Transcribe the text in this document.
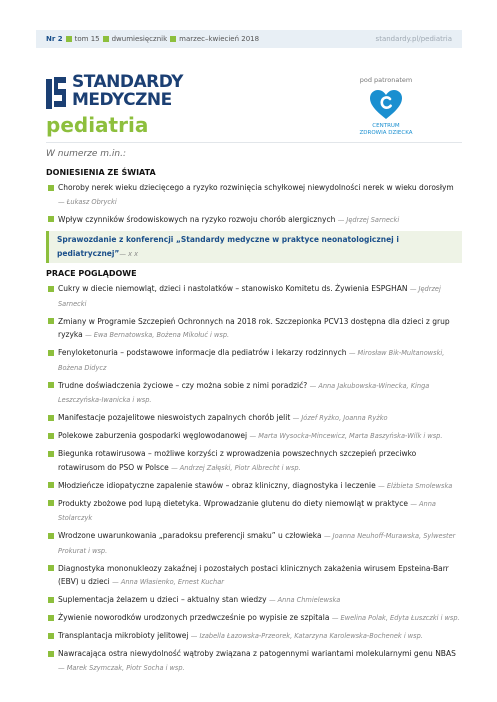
Nr 2 tom 15 dwumiesięcznik marzec–kwiecień 2018	standardy.pl/pediatria
STANDARDY
MEDYCZNE
pediatria
pod patronatem
CENTRUM
ZDROWIA DZIECKA
W numerze m.in.:
DONIESIENIA ZE ŚWIATA
Choroby nerek wieku dziecięcego a ryzyko rozwinięcia schyłkowej niewydolności nerek w wieku dorosłym — Łukasz Obrycki
Wpływ czynników środowiskowych na ryzyko rozwoju chorób alergicznych — Jędrzej Sarnecki
Sprawozdanie z konferencji „Standardy medyczne w praktyce neonatologicznej i pediatrycznej”— x x
PRACE POGLĄDOWE
Cukry w diecie niemowląt, dzieci i nastolatków – stanowisko Komitetu ds. Żywienia ESPGHAN — Jędrzej Sarnecki
Zmiany w Programie Szczepień Ochronnych na 2018 rok. Szczepionka PCV13 dostępna dla dzieci z grup ryzyka — Ewa Bernatowska, Bożena Mikołuć i wsp.
Fenyloketonuria – podstawowe informacje dla pediatrów i lekarzy rodzinnych — Mirosław Bik-Multanowski, Bożena Didycz
Trudne doświadczenia życiowe – czy można sobie z nimi poradzić? — Anna Jakubowska-Winecka, Kinga Leszczyńska-Iwanicka i wsp.
Manifestacje pozajelitowe nieswoistych zapalnych chorób jelit — Józef Ryżko, Joanna Ryżko
Polekowe zaburzenia gospodarki węglowodanowej — Marta Wysocka-Mincewicz, Marta Baszyńska-Wilk i wsp.
Biegunka rotawirusowa – możliwe korzyści z wprowadzenia powszechnych szczepień przeciwko rotawirusom do PSO w Polsce — Andrzej Załęski, Piotr Albrecht i wsp.
Młodzieńcze idiopatyczne zapalenie stawów – obraz kliniczny, diagnostyka i leczenie — Elżbieta Smolewska
Produkty zbożowe pod lupą dietetyka. Wprowadzanie glutenu do diety niemowląt w praktyce — Anna Stolarczyk
Wrodzone uwarunkowania „paradoksu preferencji smaku” u człowieka — Joanna Neuhoff-Murawska, Sylwester Prokurat i wsp.
Diagnostyka mononukleozy zakaźnej i pozostałych postaci klinicznych zakażenia wirusem Epsteina-Barr (EBV) u dzieci — Anna Własienko, Ernest Kuchar
Suplementacja żelazem u dzieci – aktualny stan wiedzy — Anna Chmielewska
Żywienie noworodków urodzonych przedwcześnie po wypisie ze szpitala — Ewelina Polak, Edyta Łuszczki i wsp.
Transplantacja mikrobioty jelitowej — Izabella Łazowska-Przeorek, Katarzyna Karolewska-Bochenek i wsp.
Nawracająca ostra niewydolność wątroby związana z patogennymi wariantami molekularnymi genu NBAS — Marek Szymczak, Piotr Socha i wsp.
